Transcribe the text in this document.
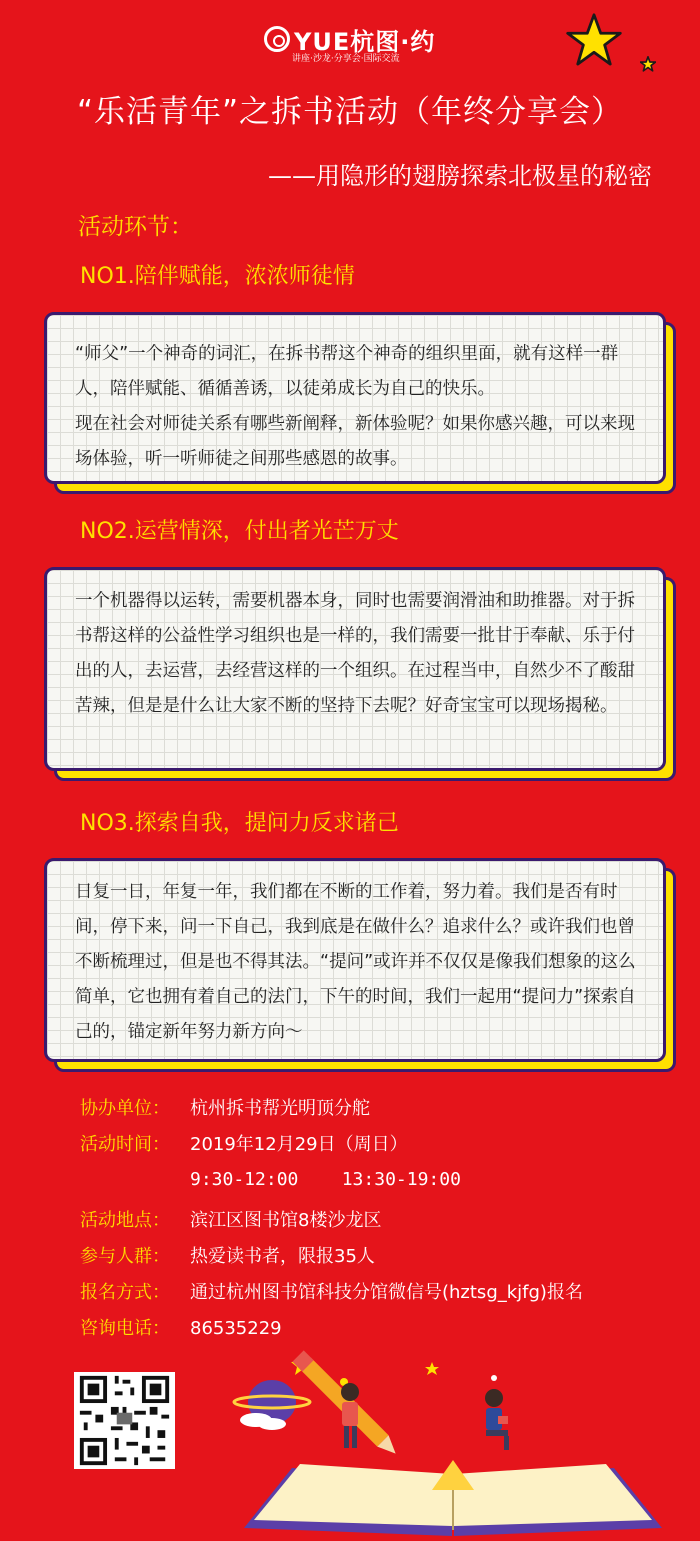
YUE杭图·约
讲座·沙龙·分享会·国际交流
“乐活青年”之拆书活动（年终分享会）
——用隐形的翅膀探索北极星的秘密
活动环节：
NO1.陪伴赋能，浓浓师徒情

“师父”一个神奇的词汇，在拆书帮这个神奇的组织里面，就有这样一群人，陪伴赋能、循循善诱，以徒弟成长为自己的快乐。

现在社会对师徒关系有哪些新阐释，新体验呢？如果你感兴趣，可以来现场体验，听一听师徒之间那些感恩的故事。

NO2.运营情深，付出者光芒万丈

一个机器得以运转，需要机器本身，同时也需要润滑油和助推器。对于拆书帮这样的公益性学习组织也是一样的，我们需要一批甘于奉献、乐于付出的人，去运营，去经营这样的一个组织。在过程当中，自然少不了酸甜苦辣，但是是什么让大家不断的坚持下去呢？好奇宝宝可以现场揭秘。

NO3.探索自我，提问力反求诸己

日复一日，年复一年，我们都在不断的工作着，努力着。我们是否有时间，停下来，问一下自己，我到底是在做什么？追求什么？或许我们也曾不断梳理过，但是也不得其法。“提问”或许并不仅仅是像我们想象的这么简单，它也拥有着自己的法门，下午的时间，我们一起用“提问力”探索自己的，锚定新年努力新方向～

协办单位： 杭州拆书帮光明顶分舵
活动时间： 2019年12月29日（周日）
9:30-12:00    13:30-19:00
活动地点： 滨江区图书馆8楼沙龙区
参与人群： 热爱读书者，限报35人
报名方式： 通过杭州图书馆科技分馆微信号(hztsg_kjfg)报名
咨询电话： 86535229
